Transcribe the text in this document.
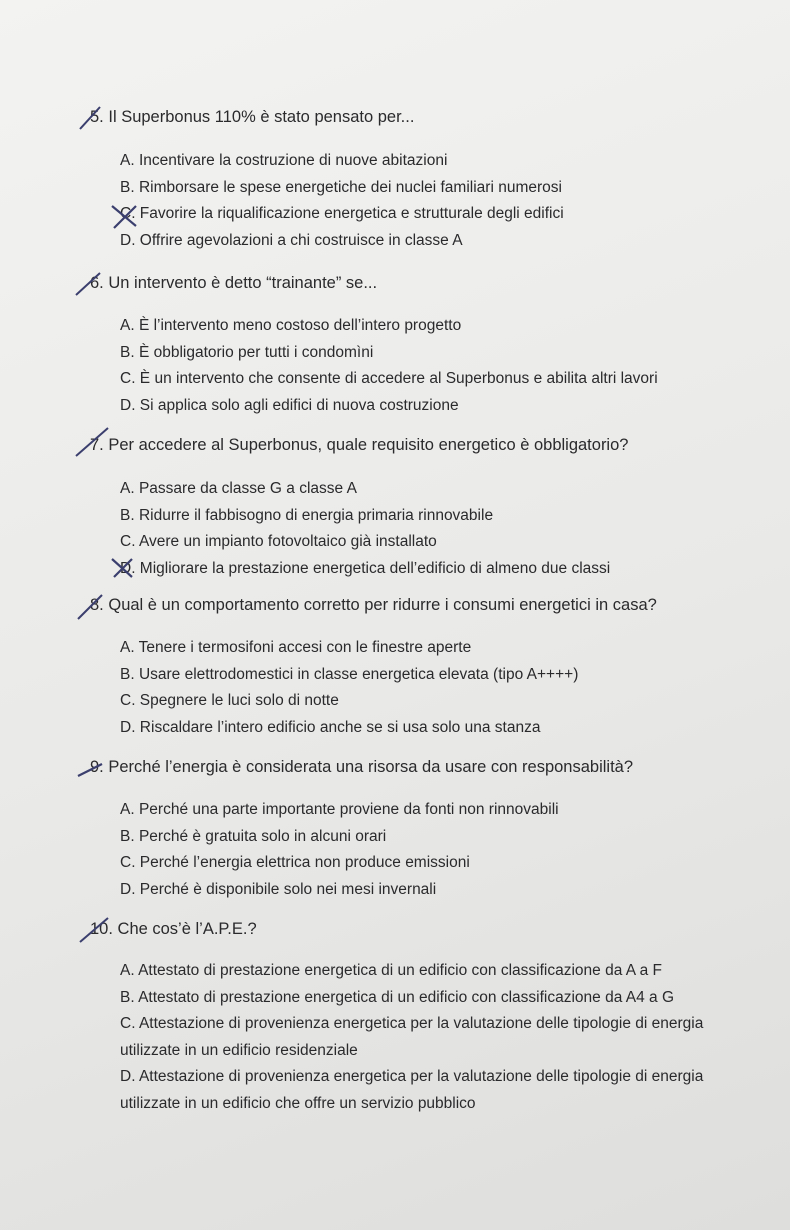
5. Il Superbonus 110% è stato pensato per...
A. Incentivare la costruzione di nuove abitazioni
B. Rimborsare le spese energetiche dei nuclei familiari numerosi
C. Favorire la riqualificazione energetica e strutturale degli edifici
D. Offrire agevolazioni a chi costruisce in classe A
6. Un intervento è detto “trainante” se...
A. È l’intervento meno costoso dell’intero progetto
B. È obbligatorio per tutti i condomìni
C. È un intervento che consente di accedere al Superbonus e abilita altri lavori
D. Si applica solo agli edifici di nuova costruzione
7. Per accedere al Superbonus, quale requisito energetico è obbligatorio?
A. Passare da classe G a classe A
B. Ridurre il fabbisogno di energia primaria rinnovabile
C. Avere un impianto fotovoltaico già installato
D. Migliorare la prestazione energetica dell’edificio di almeno due classi
8. Qual è un comportamento corretto per ridurre i consumi energetici in casa?
A. Tenere i termosifoni accesi con le finestre aperte
B. Usare elettrodomestici in classe energetica elevata (tipo A++++)
C. Spegnere le luci solo di notte
D. Riscaldare l’intero edificio anche se si usa solo una stanza
9. Perché l’energia è considerata una risorsa da usare con responsabilità?
A. Perché una parte importante proviene da fonti non rinnovabili
B. Perché è gratuita solo in alcuni orari
C. Perché l’energia elettrica non produce emissioni
D. Perché è disponibile solo nei mesi invernali
10. Che cos’è l’A.P.E.?
A. Attestato di prestazione energetica di un edificio con classificazione da A a F
B. Attestato di prestazione energetica di un edificio con classificazione da A4 a G
C. Attestazione di provenienza energetica per la valutazione delle tipologie di energia utilizzate in un edificio residenziale
D. Attestazione di provenienza energetica per la valutazione delle tipologie di energia utilizzate in un edificio che offre un servizio pubblico
